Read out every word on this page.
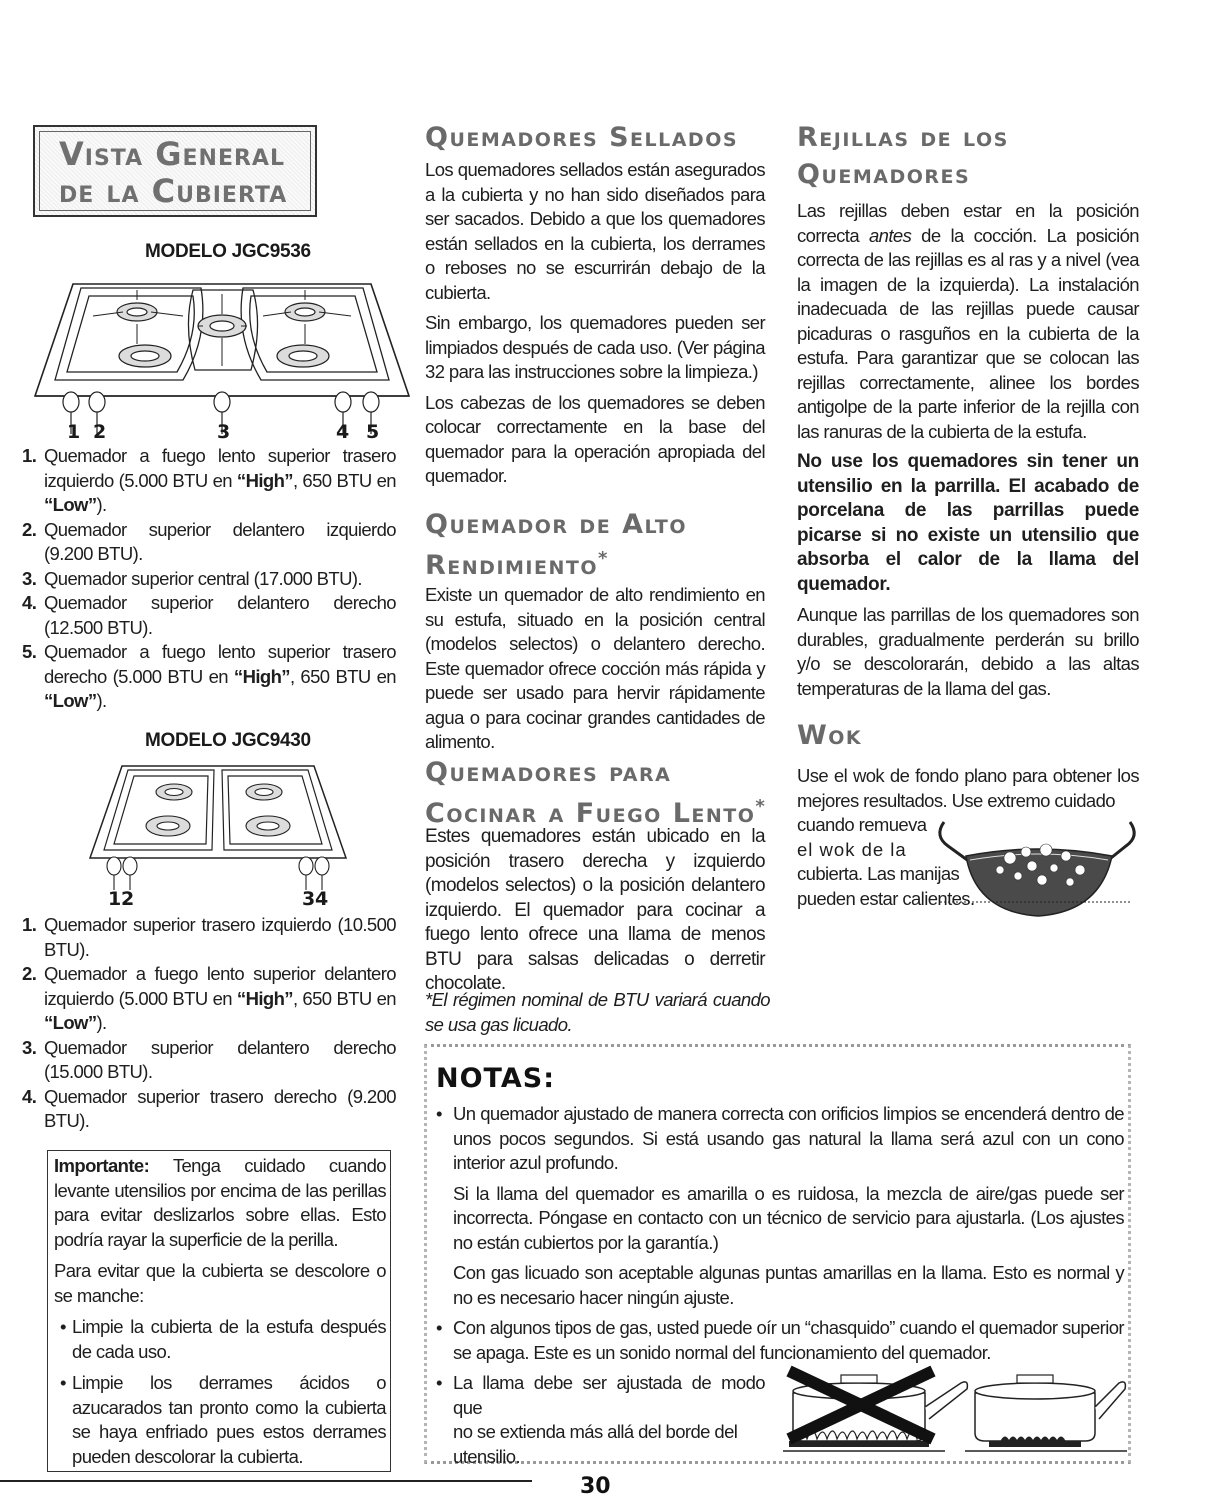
Vista General
de la Cubierta
MODELO JGC9536
1 2	3	4 5
1. Quemador a fuego lento superior trasero izquierdo (5.000 BTU en “High”, 650 BTU en “Low”).
2. Quemador superior delantero izquierdo (9.200 BTU).
3. Quemador superior central (17.000 BTU).
4. Quemador superior delantero derecho (12.500 BTU).
5. Quemador a fuego lento superior trasero derecho (5.000 BTU en “High”, 650 BTU en “Low”).
MODELO JGC9430
1 2	3 4
1. Quemador superior trasero izquierdo (10.500 BTU).
2. Quemador a fuego lento superior delantero izquierdo (5.000 BTU en “High”, 650 BTU en “Low”).
3. Quemador superior delantero derecho (15.000 BTU).
4. Quemador superior trasero derecho (9.200 BTU).

Importante: Tenga cuidado cuando levante utensilios por encima de las perillas para evitar deslizarlos sobre ellas. Esto podría rayar la superficie de la perilla.

Para evitar que la cubierta se descolore o se manche:

• Limpie la cubierta de la estufa después de cada uso.
• Limpie los derrames ácidos o azucarados tan pronto como la cubierta se haya enfriado pues estos derrames pueden descolorar la cubierta.
Quemadores Sellados

Los quemadores sellados están asegurados a la cubierta y no han sido diseñados para ser sacados. Debido a que los quemadores están sellados en la cubierta, los derrames o reboses no se escurrirán debajo de la cubierta.

Sin embargo, los quemadores pueden ser limpiados después de cada uso. (Ver página 32 para las instrucciones sobre la limpieza.)

Los cabezas de los quemadores se deben colocar correctamente en la base del quemador para la operación apropiada del quemador.

Quemador de Alto
Rendimiento*

Existe un quemador de alto rendimiento en su estufa, situado en la posición central (modelos selectos) o delantero derecho. Este quemador ofrece cocción más rápida y puede ser usado para hervir rápidamente agua o para cocinar grandes cantidades de alimento.

Quemadores para
Cocinar a Fuego Lento*

Estes quemadores están ubicado en la posición trasero derecha y izquierdo (modelos selectos) o la posición delantero izquierdo. El quemador para cocinar a fuego lento ofrece una llama de menos BTU para salsas delicadas o derretir chocolate.

*El régimen nominal de BTU variará cuando se usa gas licuado.

Rejillas de los
Quemadores

Las rejillas deben estar en la posición correcta antes de la cocción. La posición correcta de las rejillas es al ras y a nivel (vea la imagen de la izquierda). La instalación inadecuada de las rejillas puede causar picaduras o rasguños en la cubierta de la estufa. Para garantizar que se colocan las rejillas correctamente, alinee los bordes antigolpe de la parte inferior de la rejilla con las ranuras de la cubierta de la estufa.

No use los quemadores sin tener un utensilio en la parrilla. El acabado de porcelana de las parrillas puede picarse si no existe un utensilio que absorba el calor de la llama del quemador.

Aunque las parrillas de los quemadores son durables, gradualmente perderán su brillo y/o se descolorarán, debido a las altas temperaturas de la llama del gas.

Wok

Use el wok de fondo plano para obtener los mejores resultados. Use extremo cuidado

cuando remueva

el wok de la

cubierta. Las manijas

pueden estar calientes.

NOTAS:
• Un quemador ajustado de manera correcta con orificios limpios se encenderá dentro de unos pocos segundos. Si está usando gas natural la llama será azul con un cono interior azul profundo.

Si la llama del quemador es amarilla o es ruidosa, la mezcla de aire/gas puede ser incorrecta. Póngase en contacto con un técnico de servicio para ajustarla. (Los ajustes no están cubiertos por la garantía.)

Con gas licuado son aceptable algunas puntas amarillas en la llama. Esto es normal y no es necesario hacer ningún ajuste.

• Con algunos tipos de gas, usted puede oír un “chasquido” cuando el quemador superior se apaga. Este es un sonido normal del funcionamiento del quemador.
• La llama debe ser ajustada de modo que

no se extienda más allá del borde del

utensilio.

30
